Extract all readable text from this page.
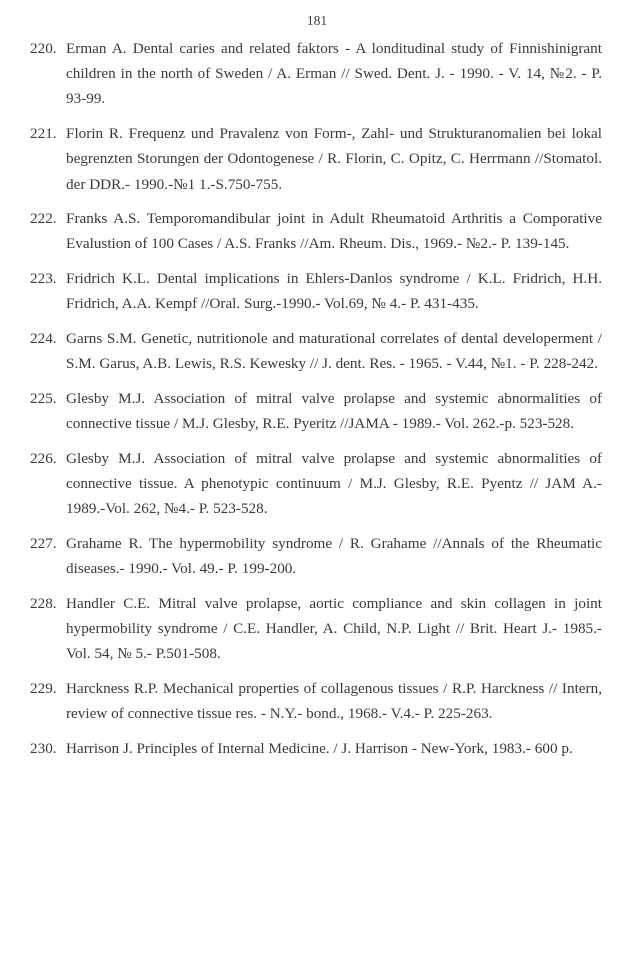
181
220. Erman A. Dental caries and related faktors - A londitudinal study of Finnishinigrant children in the north of Sweden / A. Erman // Swed. Dent. J. - 1990. - V. 14, №2. - P. 93-99.
221. Florin R. Frequenz und Pravalenz von Form-, Zahl- und Strukturanomalien bei lokal begrenzten Storungen der Odontogenese / R. Florin, C. Opitz, C. Herrmann //Stomatol. der DDR.- 1990.-№1 1.-S.750-755.
222. Franks A.S. Temporomandibular joint in Adult Rheumatoid Arthritis a Comporative Evalustion of 100 Cases / A.S. Franks //Am. Rheum. Dis., 1969.- №2.- P. 139-145.
223. Fridrich K.L. Dental implications in Ehlers-Danlos syndrome / K.L. Fridrich, H.H. Fridrich, A.A. Kempf //Oral. Surg.-1990.- Vol.69, № 4.- P. 431-435.
224. Garns S.M. Genetic, nutritionole and maturational correlates of dental developerment / S.M. Garus, A.B. Lewis, R.S. Kewesky // J. dent. Res. - 1965. - V.44, №1. - P. 228-242.
225. Glesby M.J. Association of mitral valve prolapse and systemic abnormalities of connective tissue / M.J. Glesby, R.E. Pyeritz //JAMA - 1989.- Vol. 262.-p. 523-528.
226. Glesby M.J. Association of mitral valve prolapse and systemic abnormalities of connective tissue. A phenotypic continuum / M.J. Glesby, R.E. Pyentz // JAM A.- 1989.-Vol. 262, №4.- P. 523-528.
227. Grahame R. The hypermobility syndrome / R. Grahame //Annals of the Rheumatic diseases.- 1990.- Vol. 49.- P. 199-200.
228. Handler C.E. Mitral valve prolapse, aortic compliance and skin collagen in joint hypermobility syndrome / C.E. Handler, A. Child, N.P. Light // Brit. Heart J.- 1985.- Vol. 54, № 5.- P.501-508.
229. Harckness R.P. Mechanical properties of collagenous tissues / R.P. Harckness // Intern, review of connective tissue res. - N.Y.- bond., 1968.- V.4.- P. 225-263.
230. Harrison J. Principles of Internal Medicine. / J. Harrison - New-York, 1983.- 600 p.
